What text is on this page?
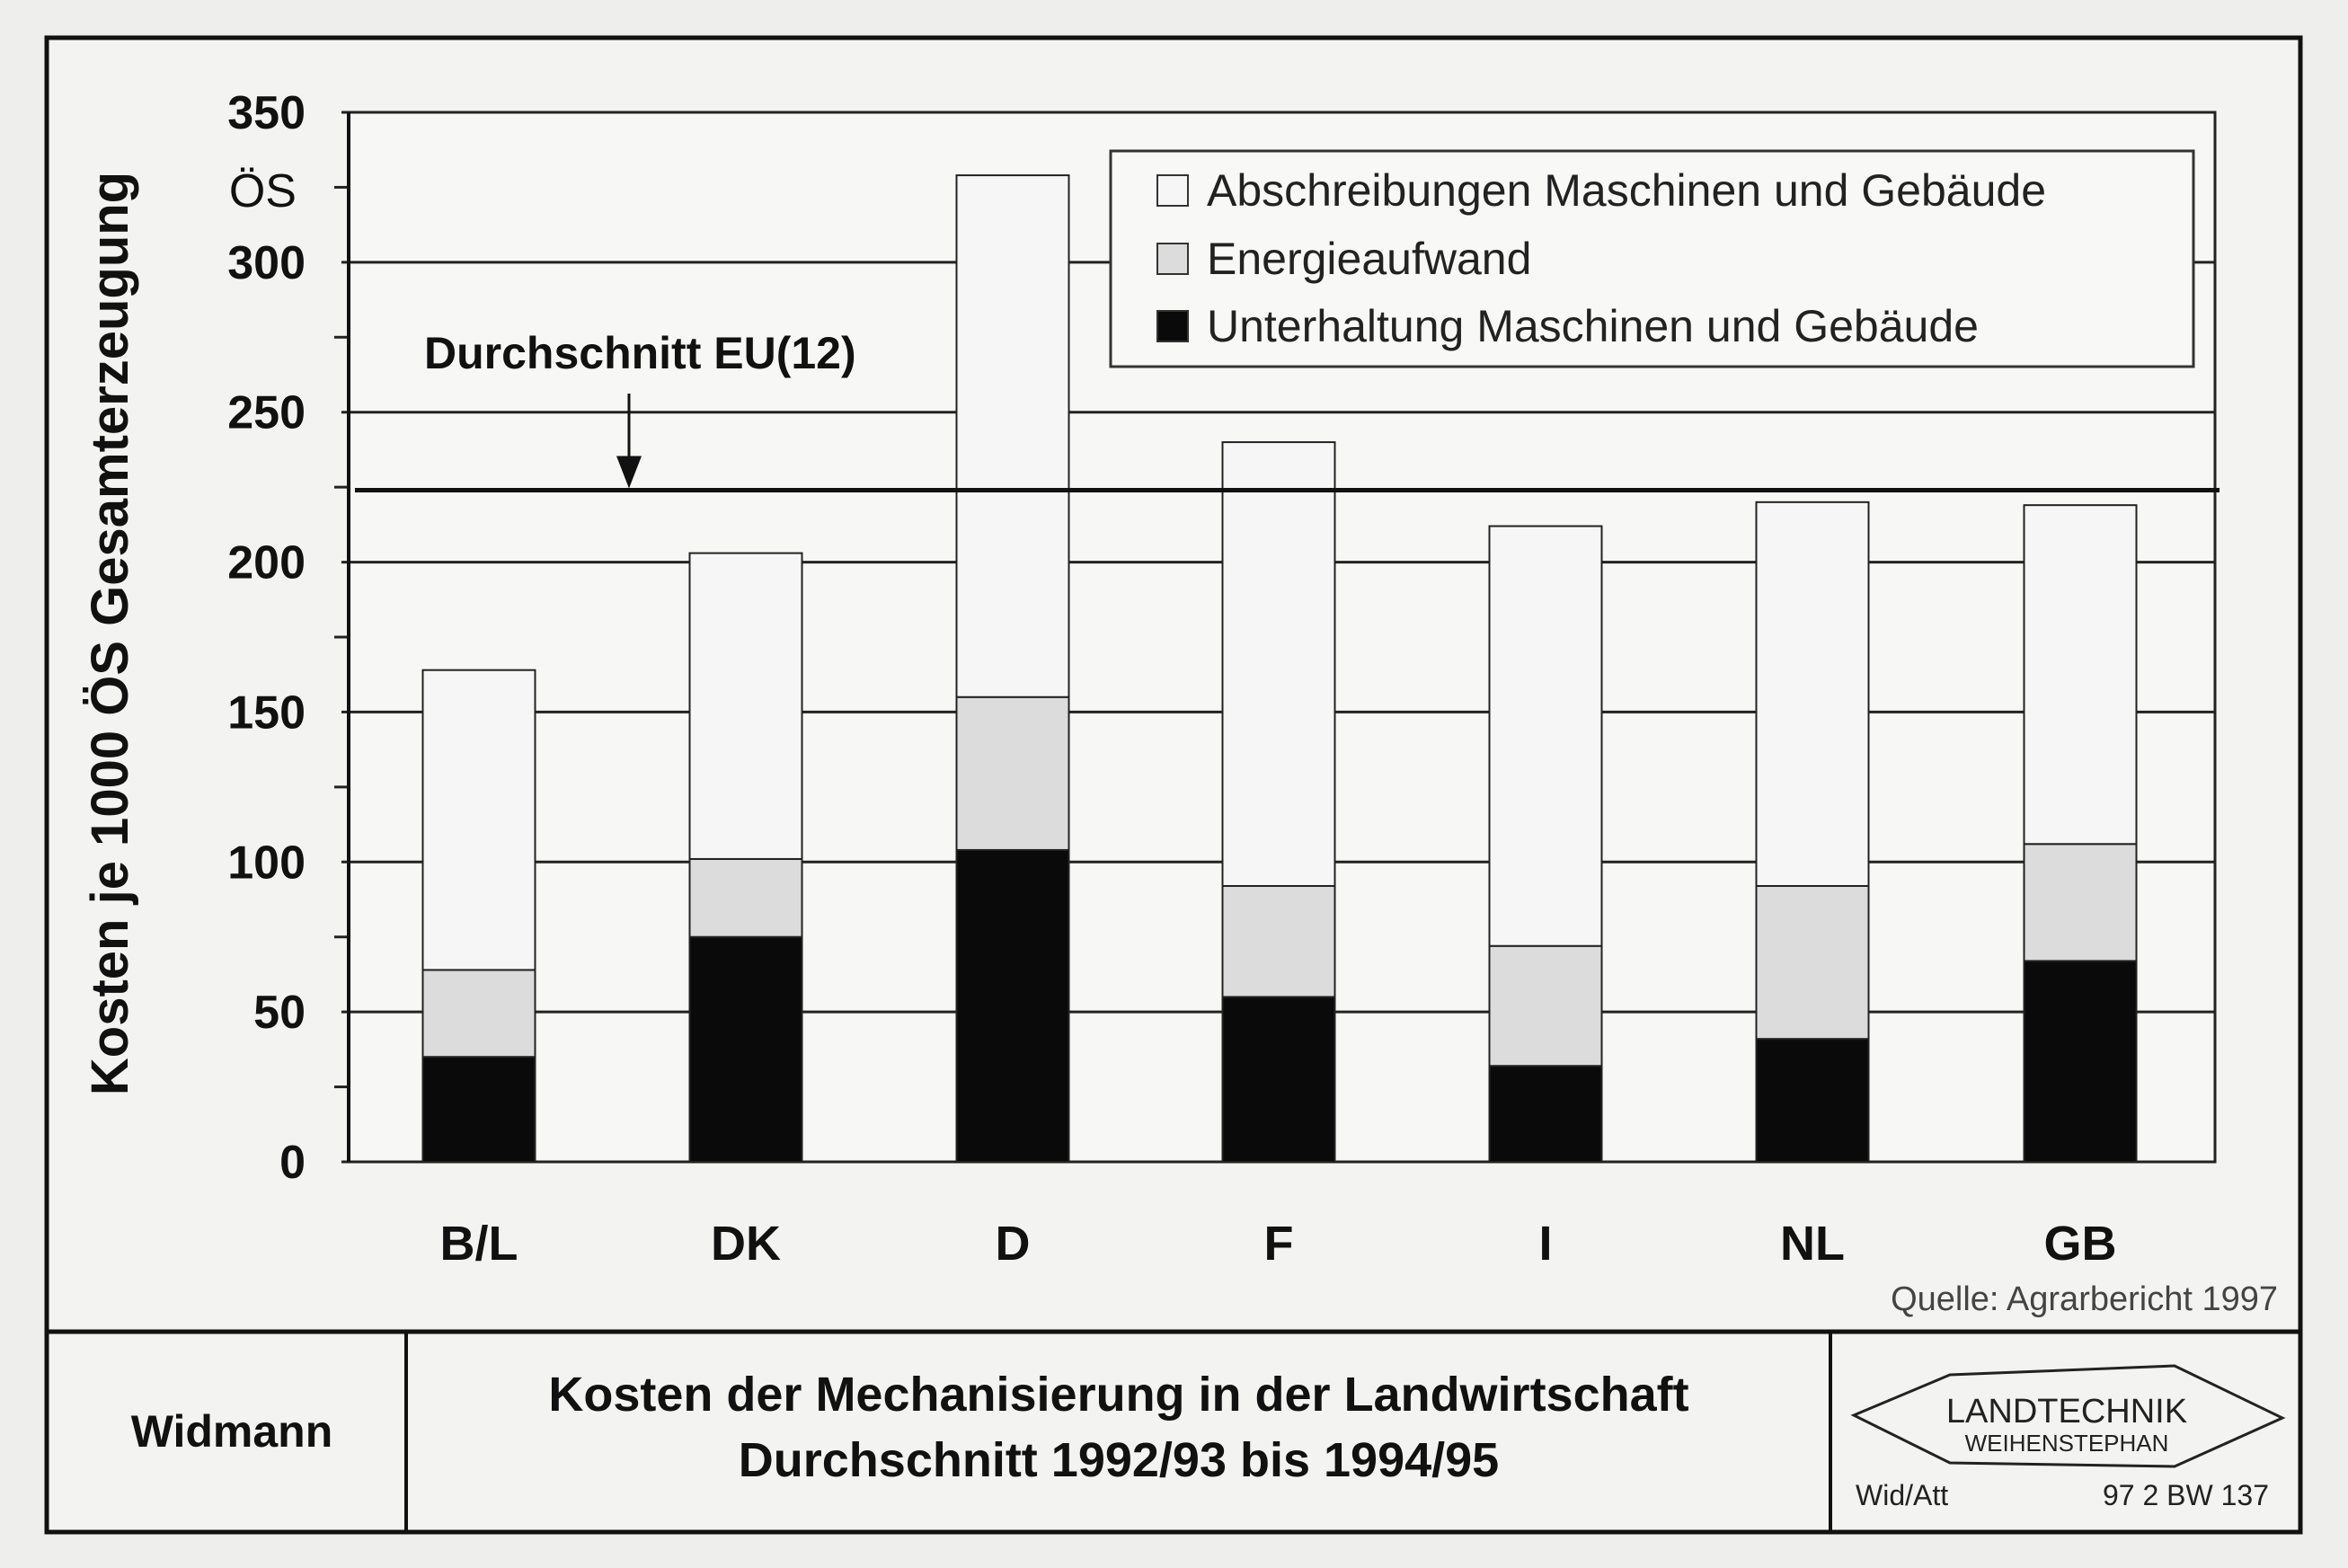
0
50
100
150
200
250
300
350
B/L	DK	D	F	I	NL	GB
ÖS
Kosten je 1000 ÖS Gesamterzeugung	Durchschnitt EU(12)
Abschreibungen Maschinen und Gebäude
Energieaufwand
Unterhaltung Maschinen und Gebäude
Quelle: Agrarbericht 1997
Widmann
Kosten der Mechanisierung in der Landwirtschaft
Durchschnitt 1992/93 bis 1994/95
LANDTECHNIK
WEIHENSTEPHAN
Wid/Att	97 2 BW 137
